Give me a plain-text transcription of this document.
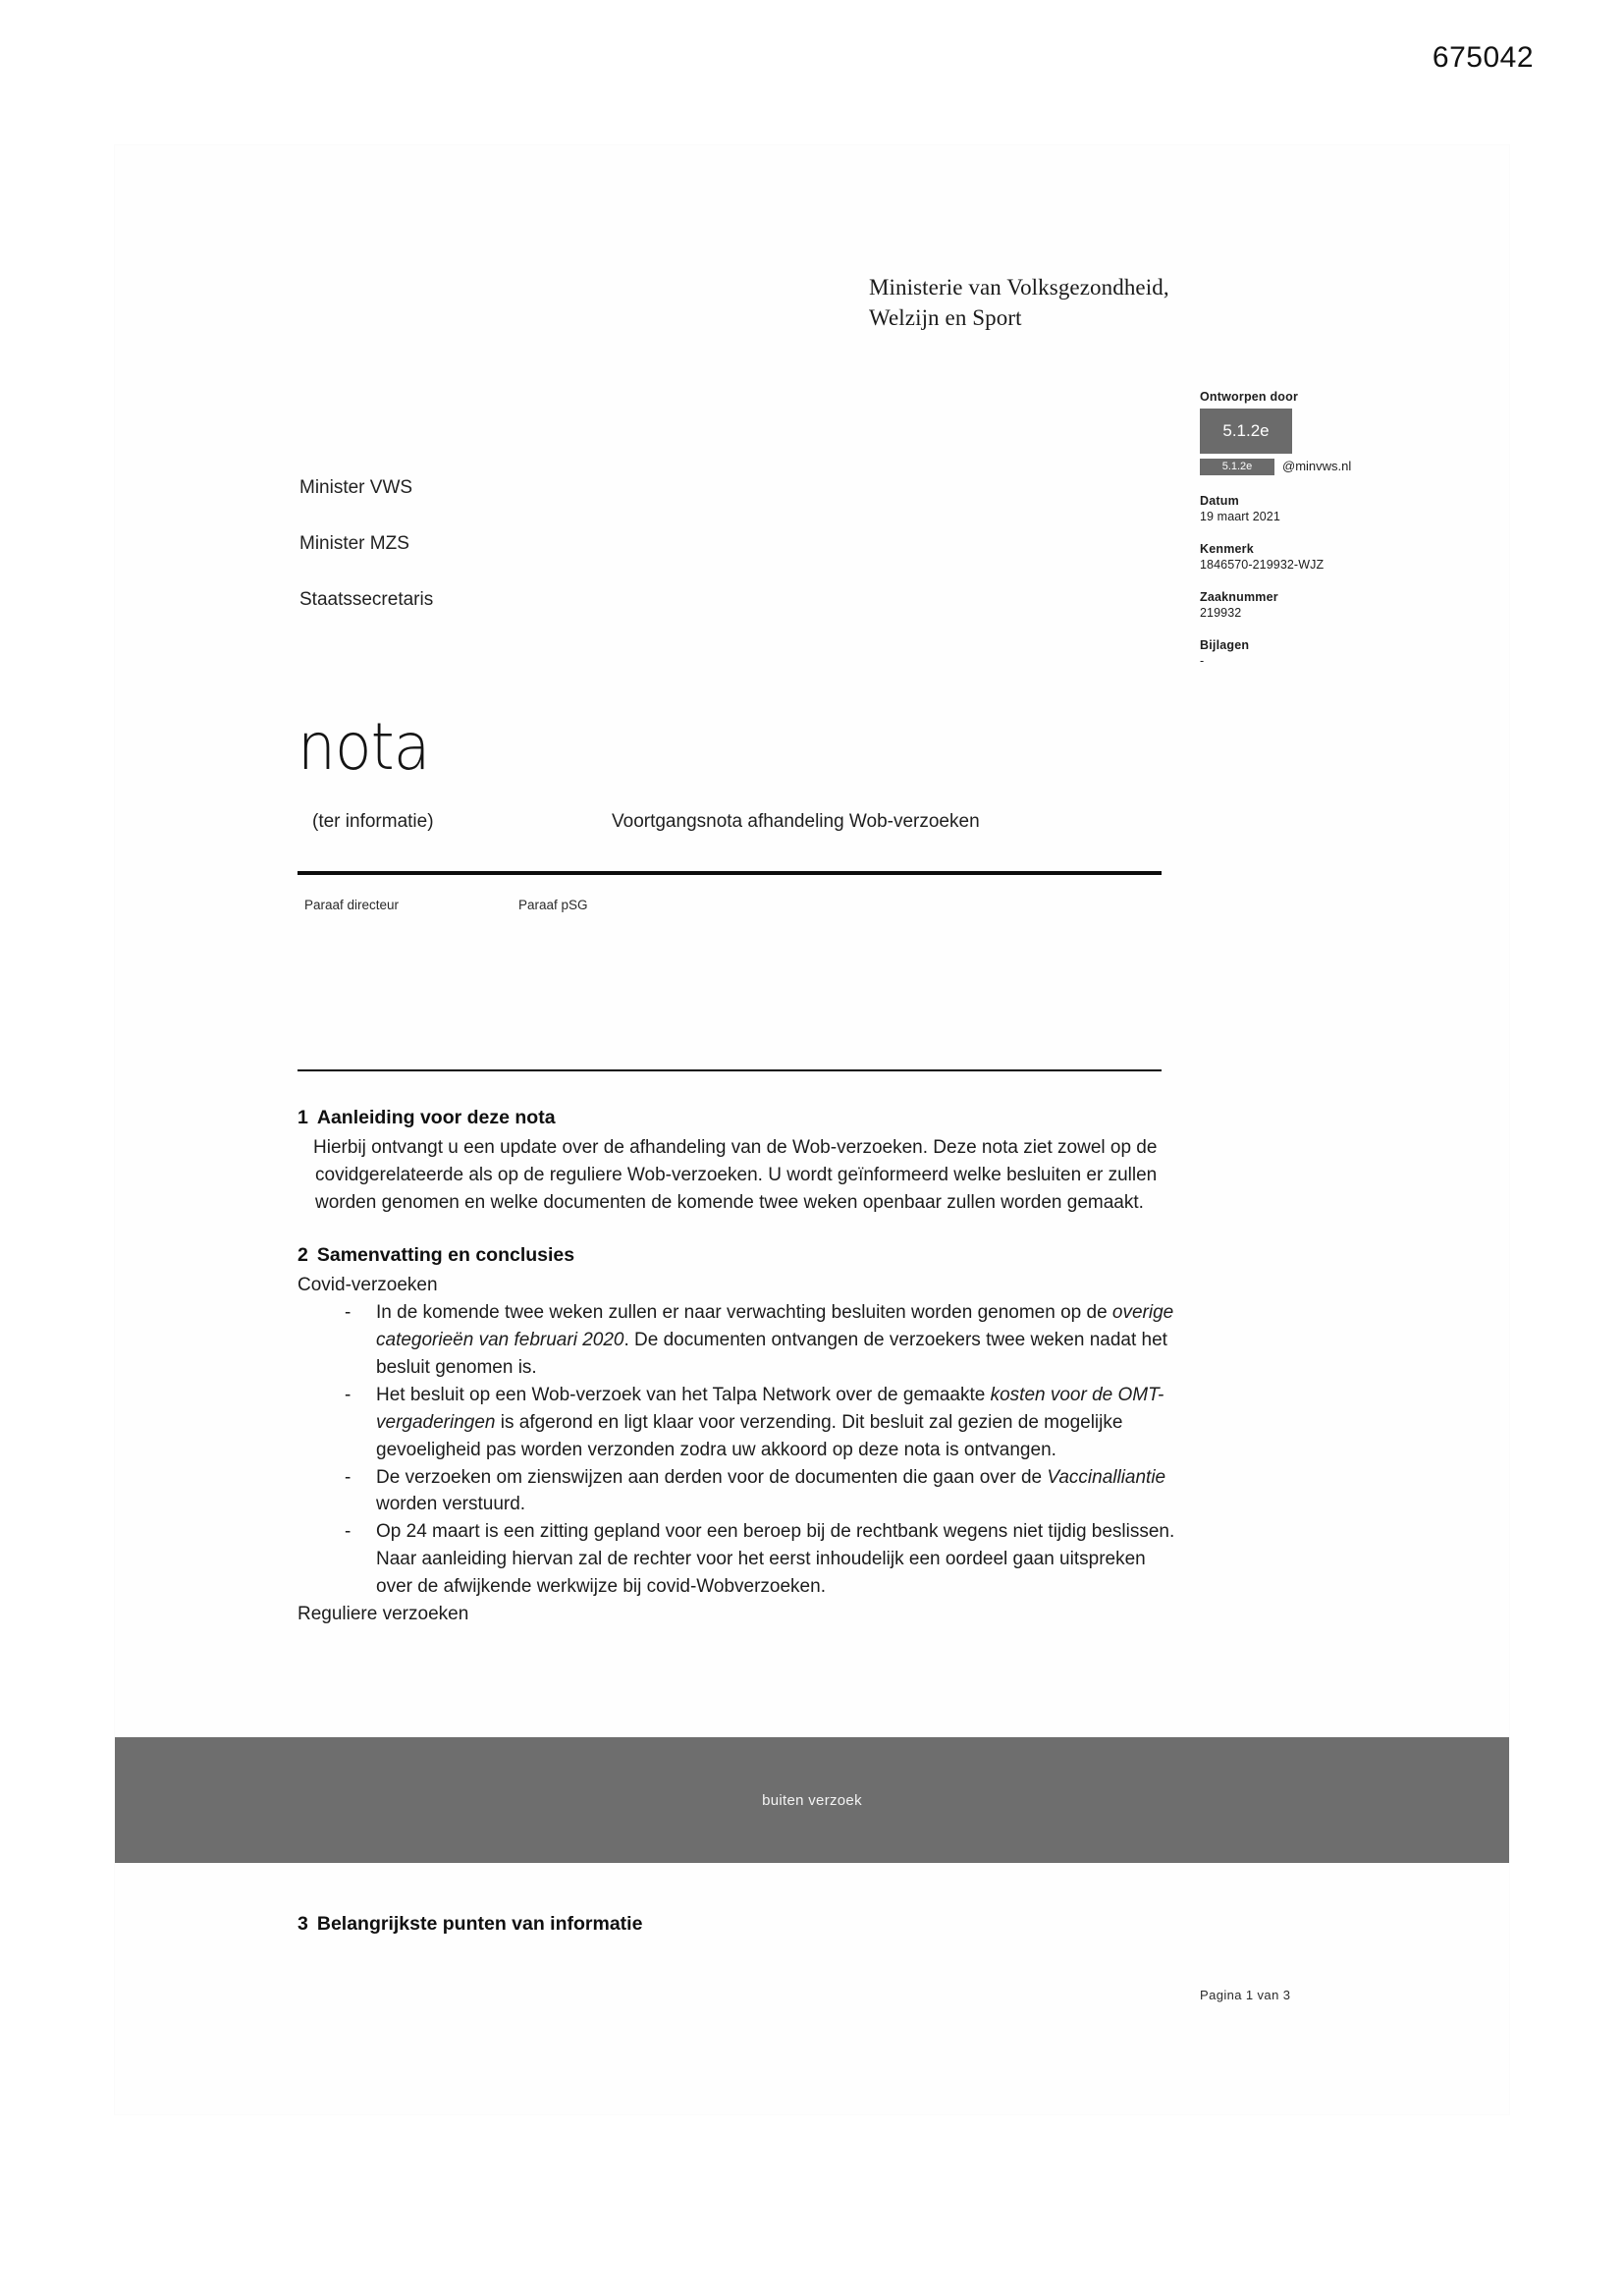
675042
Ministerie van Volksgezondheid,
Welzijn en Sport
Minister VWS
Minister MZS
Staatssecretaris
Ontworpen door
5.1.2e
5.1.2e @minvws.nl
Datum
19 maart 2021
Kenmerk
1846570-219932-WJZ
Zaaknummer
219932
Bijlagen
-
nota
(ter informatie)	Voortgangsnota afhandeling Wob-verzoeken
Paraaf directeur	Paraaf pSG
1 Aanleiding voor deze nota

Hierbij ontvangt u een update over de afhandeling van de Wob-verzoeken. Deze nota ziet zowel op de covidgerelateerde als op de reguliere Wob-verzoeken. U wordt geïnformeerd welke besluiten er zullen worden genomen en welke documenten de komende twee weken openbaar zullen worden gemaakt.

2 Samenvatting en conclusies
Covid-verzoeken
- In de komende twee weken zullen er naar verwachting besluiten worden genomen op de overige categorieën van februari 2020. De documenten ontvangen de verzoekers twee weken nadat het besluit genomen is.
- Het besluit op een Wob-verzoek van het Talpa Network over de gemaakte kosten voor de OMT-vergaderingen is afgerond en ligt klaar voor verzending. Dit besluit zal gezien de mogelijke gevoeligheid pas worden verzonden zodra uw akkoord op deze nota is ontvangen.
- De verzoeken om zienswijzen aan derden voor de documenten die gaan over de Vaccinalliantie worden verstuurd.
- Op 24 maart is een zitting gepland voor een beroep bij de rechtbank wegens niet tijdig beslissen. Naar aanleiding hiervan zal de rechter voor het eerst inhoudelijk een oordeel gaan uitspreken over de afwijkende werkwijze bij covid-Wobverzoeken.
Reguliere verzoeken
buiten verzoek
3 Belangrijkste punten van informatie
Pagina 1 van 3
